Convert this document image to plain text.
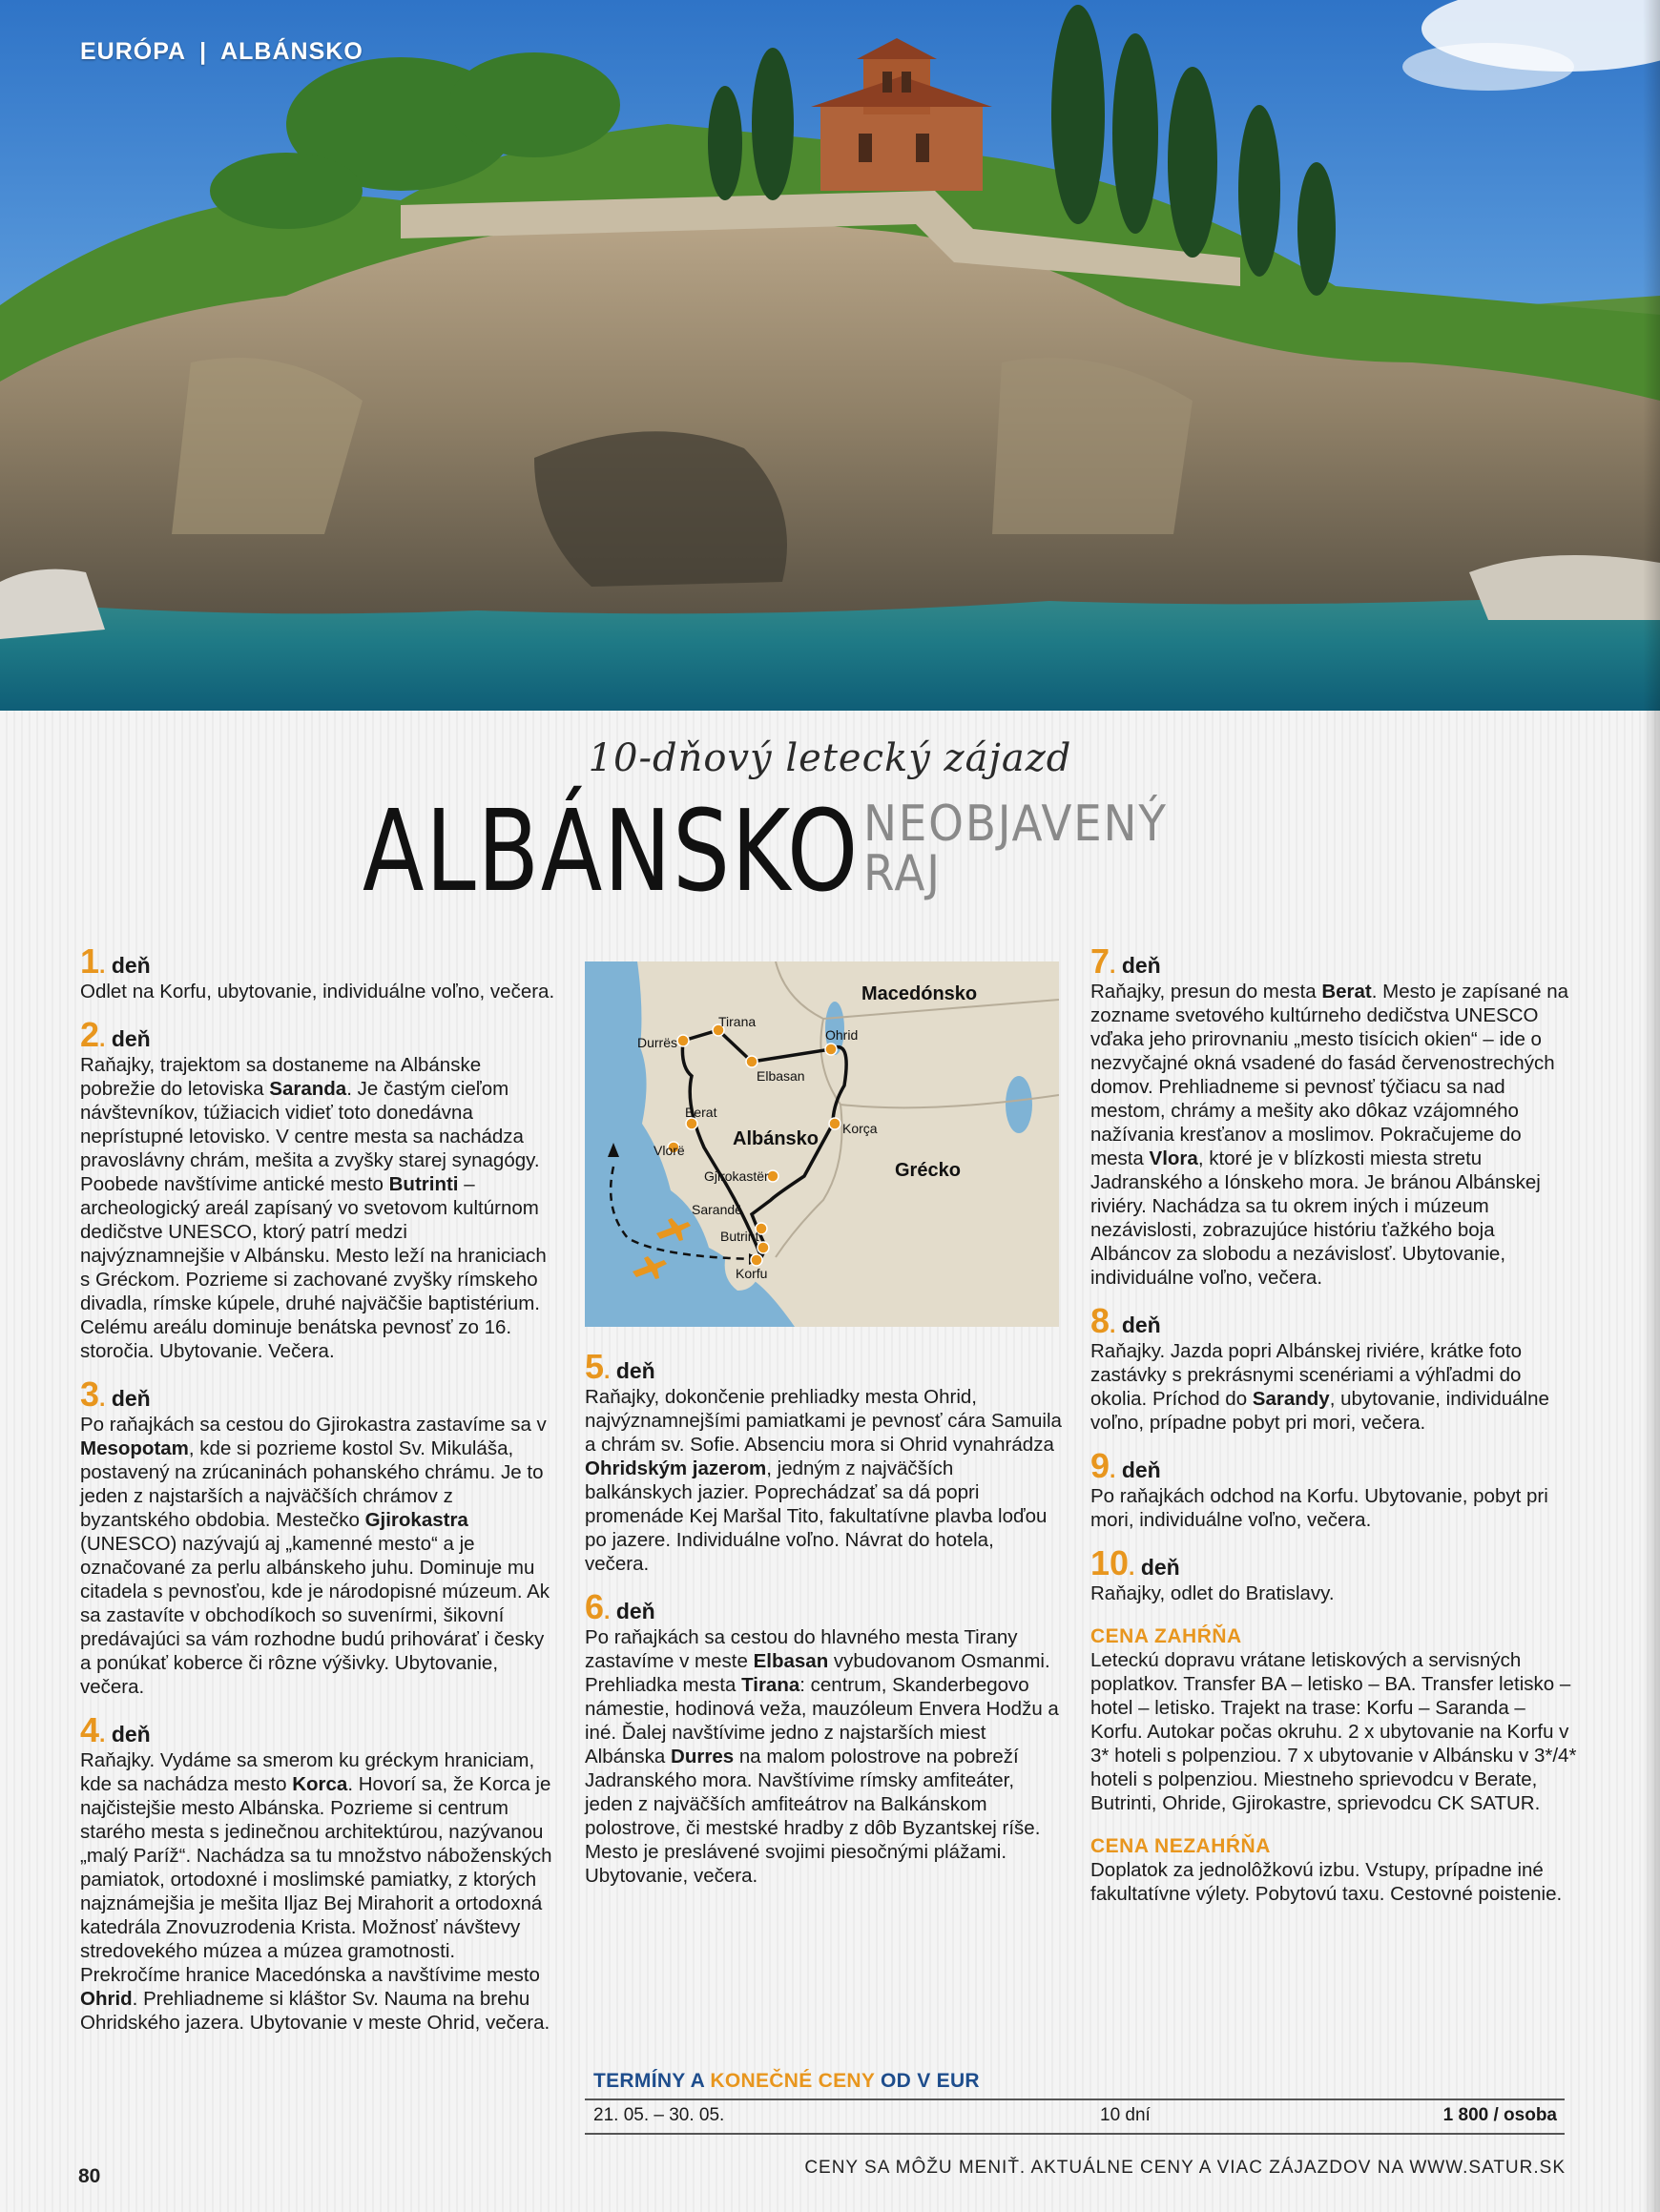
EURÓPA | ALBÁNSKO
10-dňový letecký zájazd
ALBÁNSKO NEOBJAVENÝ
RAJ
1. deň

Odlet na Korfu, ubytovanie, individuálne voľno, večera.

2. deň

Raňajky, trajektom sa dostaneme na Albánske pobrežie do letoviska Saranda. Je častým cieľom návštevníkov, túžiacich vidieť toto donedávna neprístupné letovisko. V centre mesta sa nachádza pravoslávny chrám, mešita a zvyšky starej synagógy. Poobede navštívime antické mesto Butrinti – archeologický areál zapísaný vo svetovom kultúrnom dedičstve UNESCO, ktorý patrí medzi najvýznamnejšie v Albánsku. Mesto leží na hraniciach s Gréckom. Pozrieme si zachované zvyšky rímskeho divadla, rímske kúpele, druhé najväčšie baptistérium. Celému areálu dominuje benátska pevnosť zo 16. storočia. Ubytovanie. Večera.

3. deň

Po raňajkách sa cestou do Gjirokastra zastavíme sa v Mesopotam, kde si pozrieme kostol Sv. Mikuláša, postavený na zrúcaninách pohanského chrámu. Je to jeden z najstarších a najväčších chrámov z byzantského obdobia. Mestečko Gjirokastra (UNESCO) nazývajú aj „kamenné mesto“ a je označované za perlu albánskeho juhu. Dominuje mu citadela s pevnosťou, kde je národopisné múzeum. Ak sa zastavíte v obchodíkoch so suvenírmi, šikovní predávajúci sa vám rozhodne budú prihovárať i česky a ponúkať koberce či rôzne výšivky. Ubytovanie, večera.

4. deň

Raňajky. Vydáme sa smerom ku gréckym hraniciam, kde sa nachádza mesto Korca. Hovorí sa, že Korca je najčistejšie mesto Albánska. Pozrieme si centrum starého mesta s jedinečnou architektúrou, nazývanou „malý Paríž“. Nachádza sa tu množstvo náboženských pamiatok, ortodoxné i moslimské pamiatky, z ktorých najznámejšia je mešita Iljaz Bej Mirahorit a ortodoxná katedrála Znovuzrodenia Krista. Možnosť návštevy stredovekého múzea a múzea gramotnosti. Prekročíme hranice Macedónska a navštívime mesto Ohrid. Prehliadneme si kláštor Sv. Nauma na brehu Ohridského jazera. Ubytovanie v meste Ohrid, večera.

Macedónsko
Albánsko
Grécko
Durrës
Tirana
Ohrid
Elbasan
Berat
Vlorë
Korça
Gjirokastër
Sarandë
Butrint
Korfu
5. deň

Raňajky, dokončenie prehliadky mesta Ohrid, najvýznamnejšími pamiatkami je pevnosť cára Samuila a chrám sv. Sofie. Absenciu mora si Ohrid vynahrádza Ohridským jazerom, jedným z najväčších balkánskych jazier. Poprechádzať sa dá popri promenáde Kej Maršal Tito, fakultatívne plavba loďou po jazere. Individuálne voľno. Návrat do hotela, večera.

6. deň

Po raňajkách sa cestou do hlavného mesta Tirany zastavíme v meste Elbasan vybudovanom Osmanmi. Prehliadka mesta Tirana: centrum, Skanderbegovo námestie, hodinová veža, mauzóleum Envera Hodžu a iné. Ďalej navštívime jedno z najstarších miest Albánska Durres na malom polostrove na pobreží Jadranského mora. Navštívime rímsky amfiteáter, jeden z najväčších amfiteátrov na Balkánskom polostrove, či mestské hradby z dôb Byzantskej ríše. Mesto je preslávené svojimi piesočnými plážami. Ubytovanie, večera.

7. deň

Raňajky, presun do mesta Berat. Mesto je zapísané na zozname svetového kultúrneho dedičstva UNESCO vďaka jeho prirovnaniu „mesto tisícich okien“ – ide o nezvyčajné okná vsadené do fasád červenostrechých domov. Prehliadneme si pevnosť týčiacu sa nad mestom, chrámy a mešity ako dôkaz vzájomného nažívania kresťanov a moslimov. Pokračujeme do mesta Vlora, ktoré je v blízkosti miesta stretu Jadranského a Iónskeho mora. Je bránou Albánskej riviéry. Nachádza sa tu okrem iných i múzeum nezávislosti, zobrazujúce históriu ťažkého boja Albáncov za slobodu a nezávislosť. Ubytovanie, individuálne voľno, večera.

8. deň

Raňajky. Jazda popri Albánskej riviére, krátke foto zastávky s prekrásnymi scenériami a výhľadmi do okolia. Príchod do Sarandy, ubytovanie, individuálne voľno, prípadne pobyt pri mori, večera.

9. deň

Po raňajkách odchod na Korfu. Ubytovanie, pobyt pri mori, individuálne voľno, večera.

10. deň

Raňajky, odlet do Bratislavy.

CENA ZAHŔŇA

Leteckú dopravu vrátane letiskových a servisných poplatkov. Transfer BA – letisko – BA. Transfer letisko – hotel – letisko. Trajekt na trase: Korfu – Saranda – Korfu. Autokar počas okruhu. 2 x ubytovanie na Korfu v 3* hoteli s polpenziou. 7 x ubytovanie v Albánsku v 3*/4* hoteli s polpenziou. Miestneho sprievodcu v Berate, Butrinti, Ohride, Gjirokastre, sprievodcu CK SATUR.

CENA NEZAHŔŇA

Doplatok za jednolôžkovú izbu. Vstupy, prípadne iné fakultatívne výlety. Pobytovú taxu. Cestovné poistenie.

TERMÍNY A KONEČNÉ CENY OD V EUR
21. 05. – 30. 05.	10 dní	1 800 / osoba
CENY SA MÔŽU MENIŤ. AKTUÁLNE CENY A VIAC ZÁJAZDOV NA WWW.SATUR.SK
80
